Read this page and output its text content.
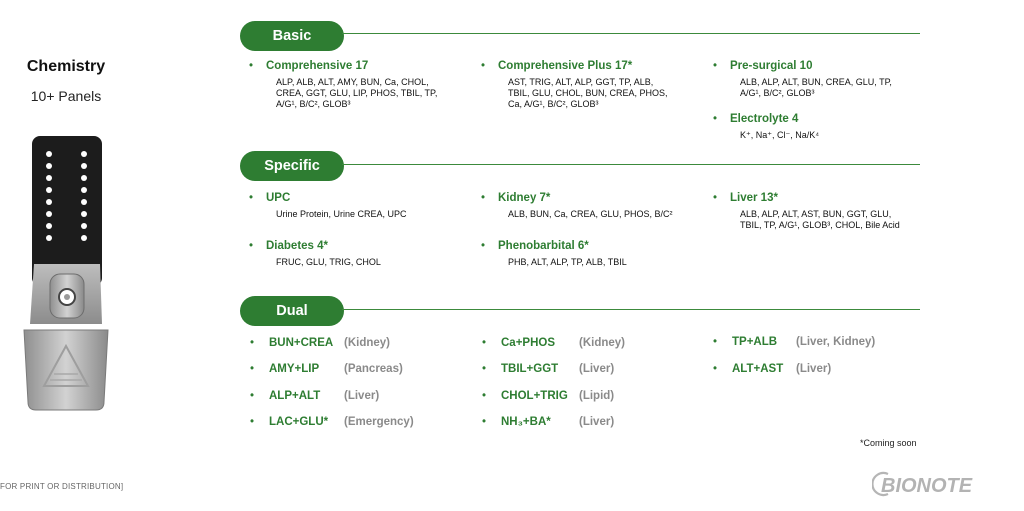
Chemistry
10+ Panels
Basic
• Comprehensive 17
ALP, ALB, ALT, AMY, BUN, Ca, CHOL,
CREA, GGT, GLU, LIP, PHOS, TBIL, TP,
A/G¹, B/C², GLOB³
• Comprehensive Plus 17*
AST, TRIG, ALT, ALP, GGT, TP, ALB,
TBIL, GLU, CHOL, BUN, CREA, PHOS,
Ca, A/G¹, B/C², GLOB³
• Pre-surgical 10
ALB, ALP, ALT, BUN, CREA, GLU, TP,
A/G¹, B/C², GLOB³
• Electrolyte 4
K⁺, Na⁺, Cl⁻, Na/K⁴
Specific
• UPC
Urine Protein, Urine CREA, UPC
• Kidney 7*
ALB, BUN, Ca, CREA, GLU, PHOS, B/C²
• Liver 13*
ALB, ALP, ALT, AST, BUN, GGT, GLU,
TBIL, TP, A/G¹, GLOB³, CHOL, Bile Acid
• Diabetes 4*
FRUC, GLU, TRIG, CHOL
• Phenobarbital 6*
PHB, ALT, ALP, TP, ALB, TBIL
Dual
• BUN+CREA (Kidney)
• AMY+LIP (Pancreas)
• ALP+ALT (Liver)
• LAC+GLU* (Emergency)
• Ca+PHOS (Kidney)
• TBIL+GGT (Liver)
• CHOL+TRIG (Lipid)
• NH₃+BA* (Liver)
• TP+ALB (Liver, Kidney)
• ALT+AST (Liver)
*Coming soon
FOR PRINT OR DISTRIBUTION]	BIONOTE
